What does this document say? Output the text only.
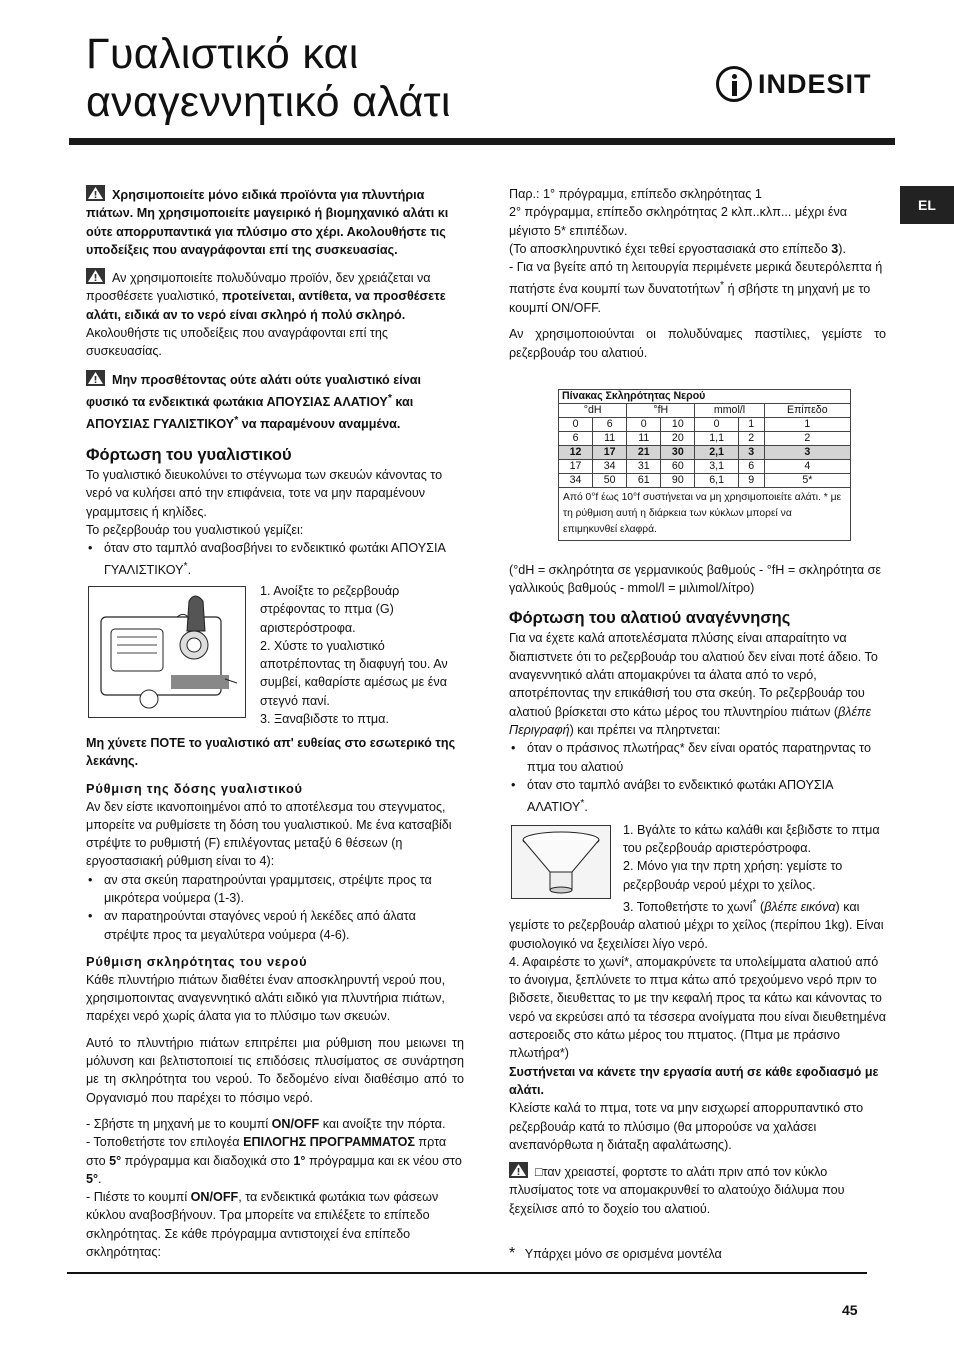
Γυαλιστικό και
αναγεννητικό αλάτι	INDESIT
EL

Χρησιμοποιείτε μόνο ειδικά προϊόντα για πλυντήρια πιάτων. Μη χρησιμοποιείτε μαγειρικό ή βιομηχανικό αλάτι κι ούτε απορρυπαντικά για πλύσιμο στο χέρι. Ακολουθήστε τις υποδείξεις που αναγράφονται επί της συσκευασίας.

Αν χρησιμοποιείτε πολυδύναμο προϊόν, δεν χρειάζεται να προσθέσετε γυαλιστικό, προτείνεται, αντίθετα, να προσθέσετε αλάτι, ειδικά αν το νερό είναι σκληρό ή πολύ σκληρό. Ακολουθήστε τις υποδείξεις που αναγράφονται επί της συσκευασίας.

Μην προσθέτοντας ούτε αλάτι ούτε γυαλιστικό είναι φυσικό τα ενδεικτικά φωτάκια ΑΠΟΥΣΙΑΣ ΑΛΑΤΙΟΥ* και ΑΠΟΥΣΙΑΣ ΓΥΑΛΙΣΤΙΚΟΥ* να παραμένουν αναμμένα.

Φόρτωση του γυαλιστικού

Το γυαλιστικό διευκολύνει το στέγνωμα των σκευών κάνοντας το νερό να κυλήσει από την επιφάνεια, τοτε να μην παραμένουν γραμμτσεις ή κηλίδες.

Το ρεζερβουάρ του γυαλιστικού γεμίζει:

• όταν στο ταμπλό αναβοσβήνει το ενδεικτικό φωτάκι ΑΠΟΥΣΙΑ ΓΥΑΛΙΣΤΙΚΟΥ*.
1. Ανοίξτε το ρεζερβουάρ στρέφοντας το πτμα (G) αριστερόστροφα.
2. Χύστε το γυαλιστικό αποτρέποντας τη διαφυγή του. Αν συμβεί, καθαρίστε αμέσως με ένα στεγνό πανί.
3. Ξαναβιδστε το πτμα.

Μη χύνετε ΠΟΤΕ το γυαλιστικό απ' ευθείας στο εσωτερικό της λεκάνης.

Ρύθμιση της δόσης γυαλιστικού

Αν δεν είστε ικανοποιημένοι από το αποτέλεσμα του στεγνματος, μπορείτε να ρυθμίσετε τη δόση του γυαλιστικού. Με ένα κατσαβίδι στρέψτε το ρυθμιστή (F) επιλέγοντας μεταξύ 6 θέσεων (η εργοστασιακή ρύθμιση είναι το 4):

• αν στα σκεύη παρατηρούνται γραμμτσεις, στρέψτε προς τα μικρότερα νούμερα (1-3).
• αν παρατηρούνται σταγόνες νερού ή λεκέδες από άλατα στρέψτε προς τα μεγαλύτερα νούμερα (4-6).
Ρύθμιση σκληρότητας του νερού

Κάθε πλυντήριο πιάτων διαθέτει έναν αποσκληρυντή νερού που, χρησιμοποιντας αναγεννητικό αλάτι ειδικό για πλυντήρια πιάτων, παρέχει νερό χωρίς άλατα για το πλύσιμο των σκευών.

Αυτό το πλυντήριο πιάτων επιτρέπει μια ρύθμιση που μειωνει τη μόλυνση και βελτιστοποιεί τις επιδόσεις πλυσίματος σε συνάρτηση με τη σκληρότητα του νερού. Το δεδομένο είναι διαθέσιμο από το Οργανισμό που παρέχει το πόσιμο νερό.

- Σβήστε τη μηχανή με το κουμπί ON/OFF και ανοίξτε την πόρτα.

- Τοποθετήστε τον επιλογέα ΕΠΙΛΟΓΗΣ ΠΡΟΓΡΑΜΜΑΤΟΣ πρτα στο 5° πρόγραμμα και διαδοχικά στο 1° πρόγραμμα και εκ νέου στο 5°.

- Πιέστε το κουμπί ON/OFF, τα ενδεικτικά φωτάκια των φάσεων κύκλου αναβοσβήνουν. Τρα μπορείτε να επιλέξετε το επίπεδο σκληρότητας. Σε κάθε πρόγραμμα αντιστοιχεί ένα επίπεδο σκληρότητας:

Παρ.: 1° πρόγραμμα, επίπεδο σκληρότητας 1

2° πρόγραμμα, επίπεδο σκληρότητας 2 κλπ..κλπ... μέχρι ένα μέγιστο 5* επιπέδων.

(Το αποσκληρυντικό έχει τεθεί εργοστασιακά στο επίπεδο 3).

- Για να βγείτε από τη λειτουργία περιμένετε μερικά δευτερόλεπτα ή πατήστε ένα κουμπί των δυνατοτήτων* ή σβήστε τη μηχανή με το κουμπί ON/OFF.

Αν χρησιμοποιούνται οι πολυδύναμες παστίλιες, γεμίστε το ρεζερβουάρ του αλατιού.

Πίνακας Σκληρότητας Νερού						
°dH		°fH		mmol/l		Επίπεδο
0	6	0	10	0	1	1
6	11	11	20	1,1	2	2
12	17	21	30	2,1	3	3
17	34	31	60	3,1	6	4
34	50	61	90	6,1	9	5*
Από 0°f έως 10°f συστήνεται να μη χρησιμοποιείτε αλάτι. * με τη ρύθμιση αυτή η διάρκεια των κύκλων μπορεί να επιμηκυνθεί ελαφρά.						

(°dH = σκληρότητα σε γερμανικούς βαθμούς - °fH = σκληρότητα σε γαλλικούς βαθμούς - mmol/l = μιλιmol/λίτρο)

Φόρτωση του αλατιού αναγέννησης

Για να έχετε καλά αποτελέσματα πλύσης είναι απαραίτητο να διαπιστνετε ότι το ρεζερβουάρ του αλατιού δεν είναι ποτέ άδειο. Το αναγεννητικό αλάτι απομακρύνει τα άλατα από το νερό, αποτρέποντας την επικάθισή του στα σκεύη. Το ρεζερβουάρ του αλατιού βρίσκεται στο κάτω μέρος του πλυντηρίου πιάτων (βλέπε Περιγραφή) και πρέπει να πληρτνεται:

• όταν ο πράσινος πλωτήρας* δεν είναι ορατός παρατηρντας το πτμα του αλατιού
• όταν στο ταμπλό ανάβει το ενδεικτικό φωτάκι ΑΠΟΥΣΙΑ ΑΛΑΤΙΟΥ*.

1. Βγάλτε το κάτω καλάθι και ξεβιδστε το πτμα του ρεζερβουάρ αριστερόστροφα.

2. Μόνο για την πρτη χρήση: γεμίστε το ρεζερβουάρ νερού μέχρι το χείλος.

3. Τοποθετήστε το χωνί* (βλέπε εικόνα) και γεμίστε το ρεζερβουάρ αλατιού μέχρι το χείλος (περίπου 1kg). Είναι φυσιολογικό να ξεχειλίσει λίγο νερό.

4. Αφαιρέστε το χωνί*, απομακρύνετε τα υπολείμματα αλατιού από το άνοιγμα, ξεπλύνετε το πτμα κάτω από τρεχούμενο νερό πριν το βιδσετε, διευθεττας το με την κεφαλή προς τα κάτω και κάνοντας το νερό να εκρεύσει από τα τέσσερα ανοίγματα που είναι διευθετημένα αστεροειδς στο κάτω μέρος του πτματος. (Πτμα με πράσινο πλωτήρα*)

Συστήνεται να κάνετε την εργασία αυτή σε κάθε εφοδιασμό με αλάτι.

Κλείστε καλά το πτμα, τοτε να μην εισχωρεί απορρυπαντικό στο ρεζερβουάρ κατά το πλύσιμο (θα μπορούσε να χαλάσει ανεπανόρθωτα η διάταξη αφαλάτωσης).

□ταν χρειαστεί, φορτστε το αλάτι πριν από τον κύκλο πλυσίματος τοτε να απομακρυνθεί το αλατούχο διάλυμα που ξεχείλισε από το δοχείο του αλατιού.

* Υπάρχει μόνο σε ορισμένα μοντέλα
45
